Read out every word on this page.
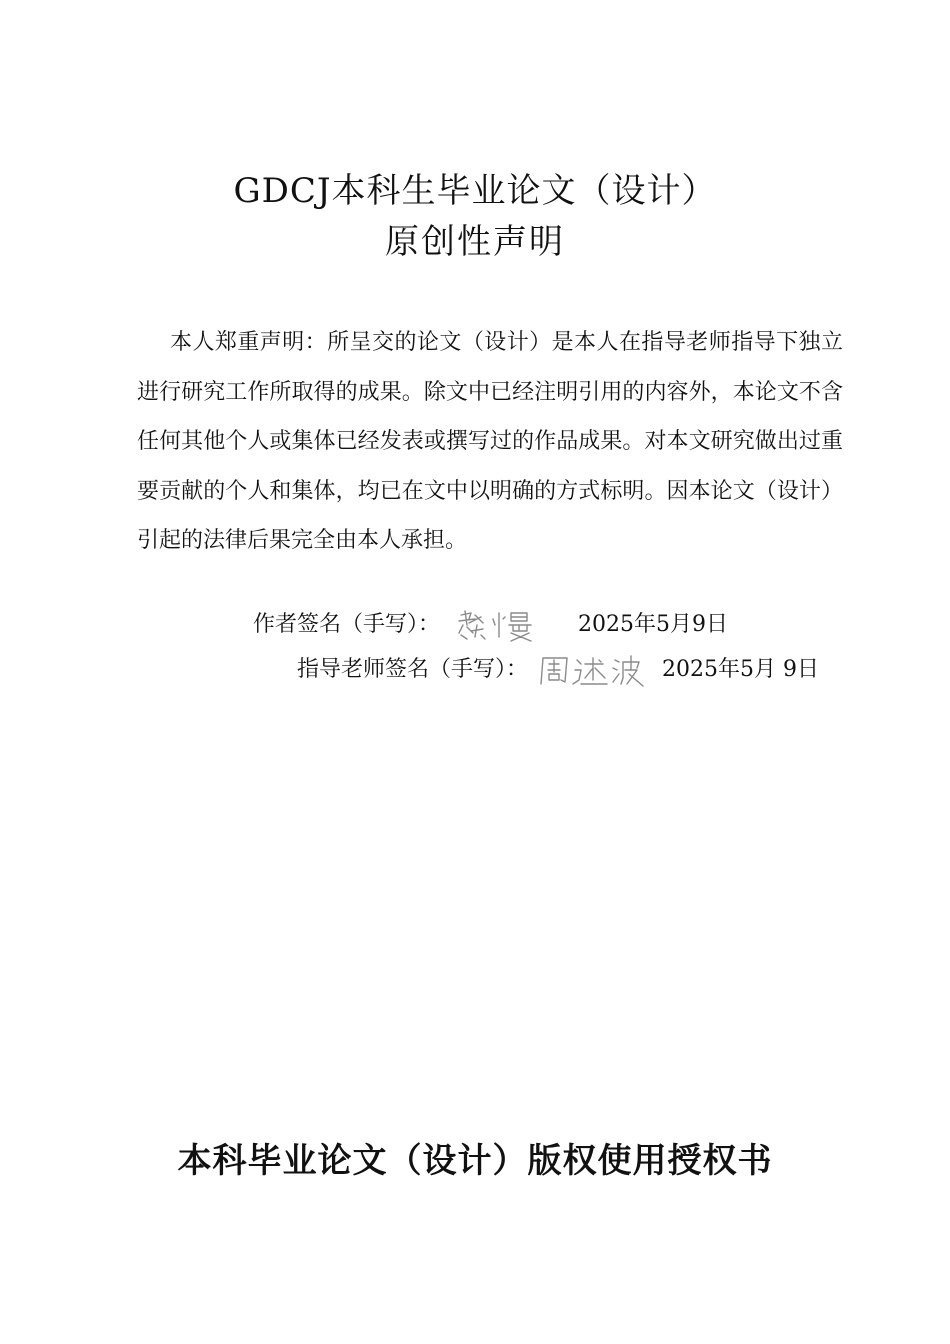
GDCJ本科生毕业论文（设计）
原创性声明

本人郑重声明：所呈交的论文（设计）是本人在指导老师指导下独立进行研究工作所取得的成果。除文中已经注明引用的内容外，本论文不含任何其他个人或集体已经发表或撰写过的作品成果。对本文研究做出过重要贡献的个人和集体，均已在文中以明确的方式标明。因本论文（设计）引起的法律后果完全由本人承担。

作者签名（手写）：	2025年5月9日
指导老师签名（手写）：	2025年5月 9日
本科毕业论文（设计）版权使用授权书
